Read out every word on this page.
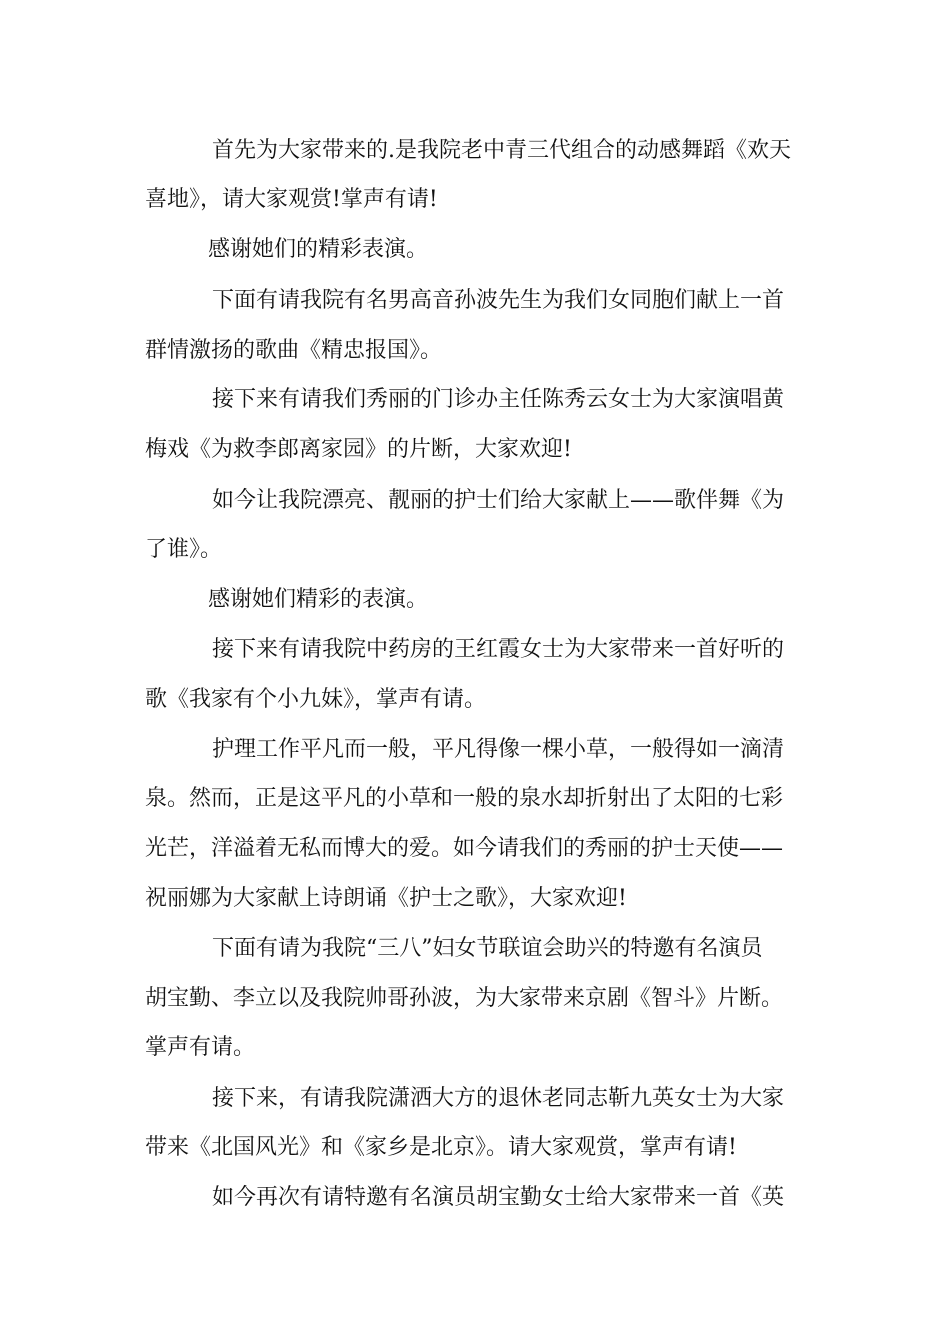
首先为大家带来的.是我院老中青三代组合的动感舞蹈《欢天
喜地》，请大家观赏!掌声有请!
感谢她们的精彩表演。
下面有请我院有名男高音孙波先生为我们女同胞们献上一首
群情激扬的歌曲《精忠报国》。
接下来有请我们秀丽的门诊办主任陈秀云女士为大家演唱黄
梅戏《为救李郎离家园》的片断，大家欢迎!
如今让我院漂亮、靓丽的护士们给大家献上——歌伴舞《为
了谁》。
感谢她们精彩的表演。
接下来有请我院中药房的王红霞女士为大家带来一首好听的
歌《我家有个小九妹》，掌声有请。
护理工作平凡而一般，平凡得像一棵小草，一般得如一滴清
泉。然而，正是这平凡的小草和一般的泉水却折射出了太阳的七彩
光芒，洋溢着无私而博大的爱。如今请我们的秀丽的护士天使——
祝丽娜为大家献上诗朗诵《护士之歌》，大家欢迎!
下面有请为我院“三八”妇女节联谊会助兴的特邀有名演员
胡宝勤、李立以及我院帅哥孙波，为大家带来京剧《智斗》片断。
掌声有请。
接下来，有请我院潇洒大方的退休老同志靳九英女士为大家
带来《北国风光》和《家乡是北京》。请大家观赏，掌声有请!
如今再次有请特邀有名演员胡宝勤女士给大家带来一首《英
